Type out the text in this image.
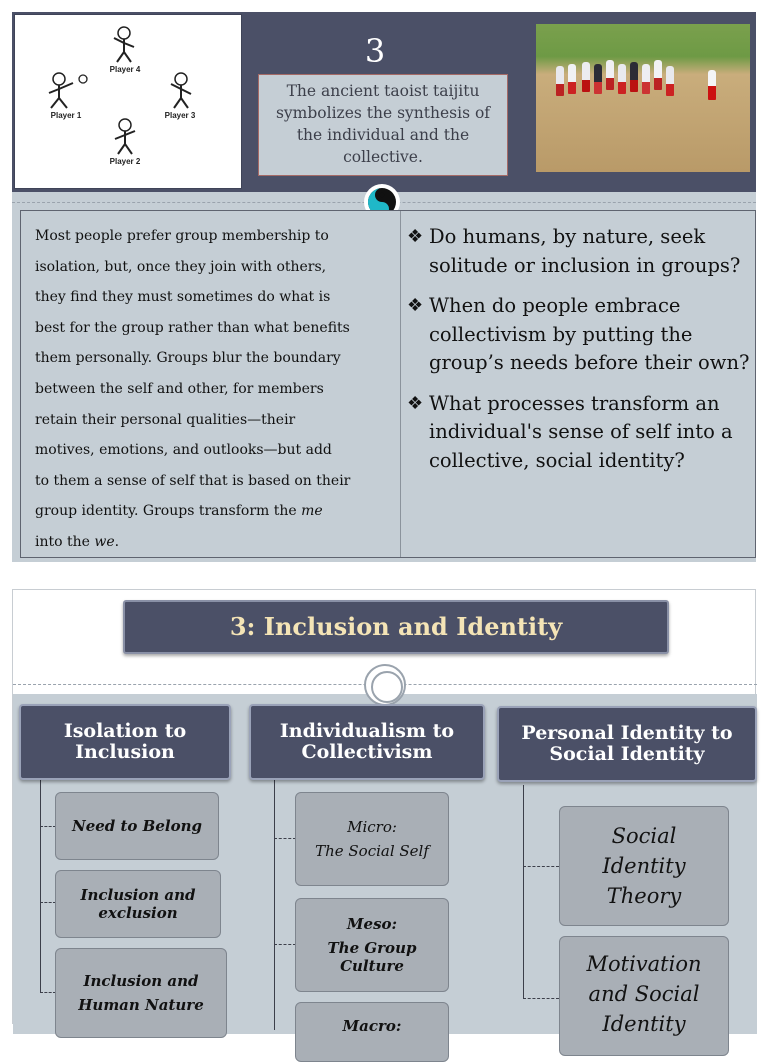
Player 4
Player 1	Player 3
Player 2
3
The ancient taoist taijitu symbolizes the synthesis of the individual and the collective.
Most people prefer group membership to
isolation, but, once they join with others,
they find they must sometimes do what is
best for the group rather than what benefits
them personally. Groups blur the boundary
between the self and other, for members
retain their personal qualities—their
motives, emotions, and outlooks—but add
to them a sense of self that is based on their
group identity. Groups transform the me
into the we.
❖ Do humans, by nature, seek solitude or inclusion in groups?
❖ When do people embrace collectivism by putting the group’s needs before their own?
❖ What processes transform an individual's sense of self into a collective, social identity?
3: Inclusion and Identity
Isolation to Inclusion
Individualism to Collectivism
Personal Identity to Social Identity
Need to Belong
Inclusion and exclusion
Inclusion and Human Nature
Micro:
The Social Self
Meso:
The Group Culture
Macro:
Social Identity Theory
Motivation and Social Identity
